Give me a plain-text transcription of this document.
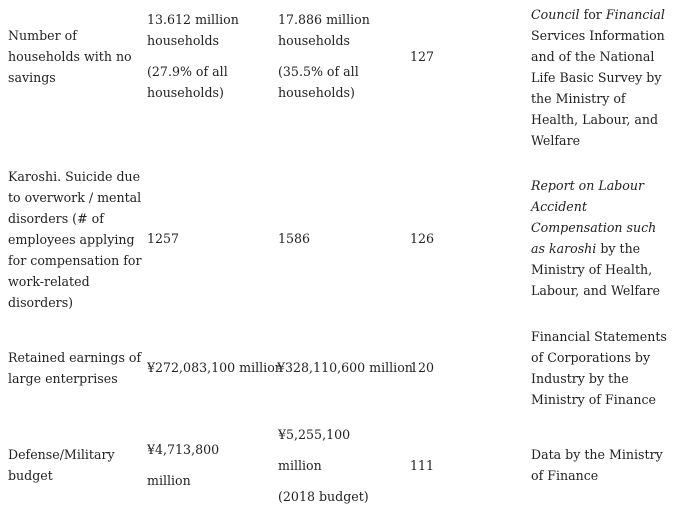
Number of
households with no
savings
13.612 million
households
(27.9% of all
households)
17.886 million
households
(35.5% of all
households)
127
Council for Financial
Services Information
and of the National
Life Basic Survey by
the Ministry of
Health, Labour, and
Welfare
Karoshi. Suicide due
to overwork / mental
disorders (# of
employees applying
for compensation for
work-related
disorders)
1257	1586	126
Report on Labour
Accident
Compensation such
as karoshi by the
Ministry of Health,
Labour, and Welfare
Retained earnings of
large enterprises
¥272,083,100 million
¥328,110,600 million
120
Financial Statements
of Corporations by
Industry by the
Ministry of Finance
Defense/Military
budget
¥4,713,800
million
¥5,255,100
million
(2018 budget)
111
Data by the Ministry
of Finance
